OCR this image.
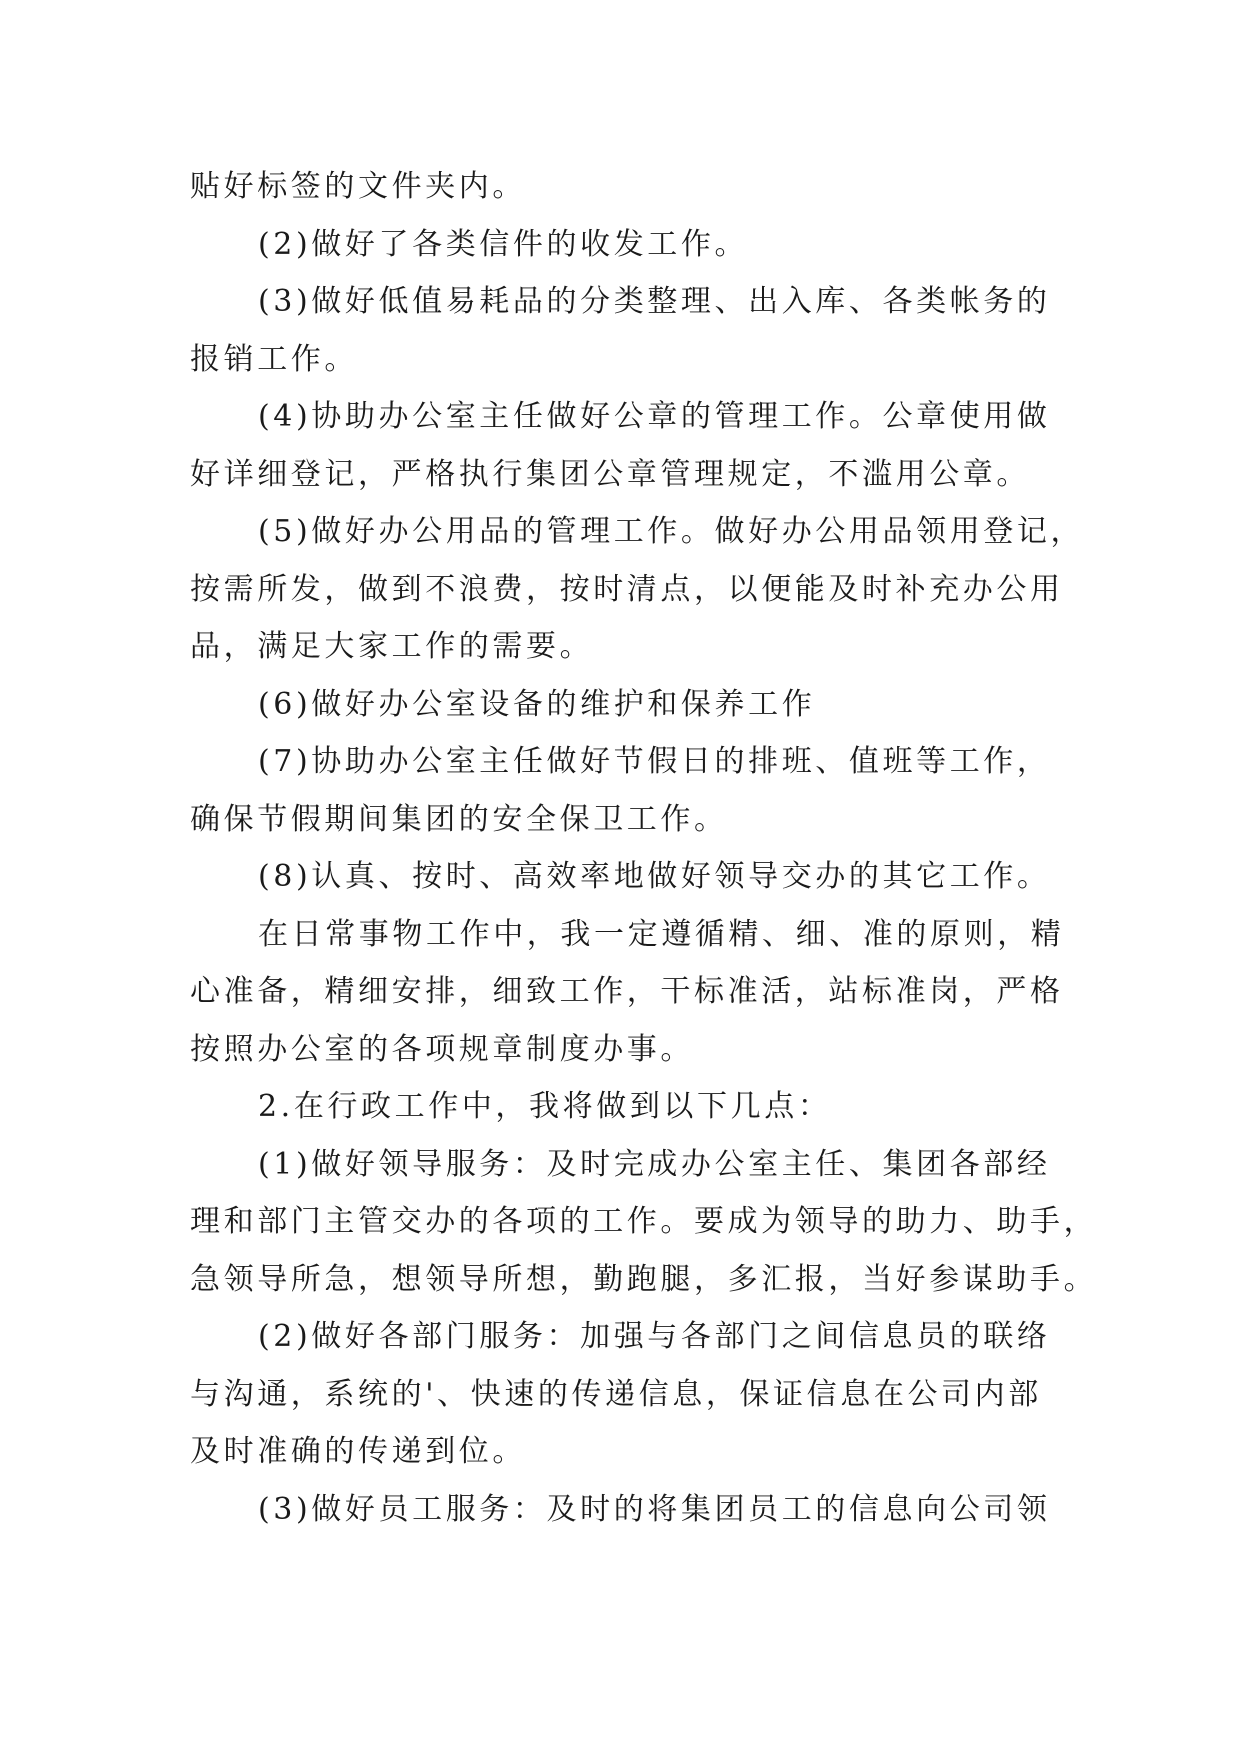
贴好标签的文件夹内。
(2)做好了各类信件的收发工作。
(3)做好低值易耗品的分类整理、出入库、各类帐务的
报销工作。
(4)协助办公室主任做好公章的管理工作。公章使用做
好详细登记，严格执行集团公章管理规定，不滥用公章。
(5)做好办公用品的管理工作。做好办公用品领用登记，
按需所发，做到不浪费，按时清点，以便能及时补充办公用
品，满足大家工作的需要。
(6)做好办公室设备的维护和保养工作
(7)协助办公室主任做好节假日的排班、值班等工作，
确保节假期间集团的安全保卫工作。
(8)认真、按时、高效率地做好领导交办的其它工作。
在日常事物工作中，我一定遵循精、细、准的原则，精
心准备，精细安排，细致工作，干标准活，站标准岗，严格
按照办公室的各项规章制度办事。
2.在行政工作中，我将做到以下几点：
(1)做好领导服务：及时完成办公室主任、集团各部经
理和部门主管交办的各项的工作。要成为领导的助力、助手，
急领导所急，想领导所想，勤跑腿，多汇报，当好参谋助手。
(2)做好各部门服务：加强与各部门之间信息员的联络
与沟通，系统的'、快速的传递信息，保证信息在公司内部
及时准确的传递到位。
(3)做好员工服务：及时的将集团员工的信息向公司领
